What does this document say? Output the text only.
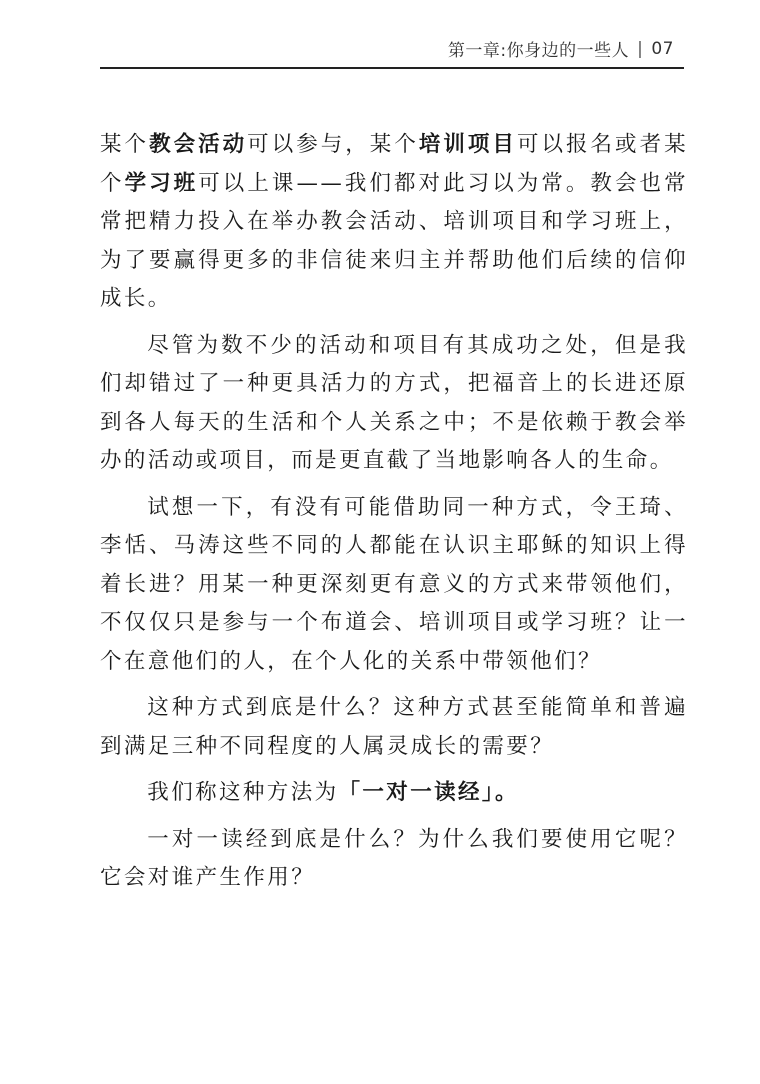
第一章:你身边的一些人 | 07

某个教会活动可以参与，某个培训项目可以报名或者某个学习班可以上课——我们都对此习以为常。教会也常常把精力投入在举办教会活动、培训项目和学习班上，为了要赢得更多的非信徒来归主并帮助他们后续的信仰成长。

尽管为数不少的活动和项目有其成功之处，但是我们却错过了一种更具活力的方式，把福音上的长进还原到各人每天的生活和个人关系之中；不是依赖于教会举办的活动或项目，而是更直截了当地影响各人的生命。

试想一下，有没有可能借助同一种方式，令王琦、李恬、马涛这些不同的人都能在认识主耶稣的知识上得着长进？用某一种更深刻更有意义的方式来带领他们，不仅仅只是参与一个布道会、培训项目或学习班？让一个在意他们的人，在个人化的关系中带领他们？

这种方式到底是什么？这种方式甚至能简单和普遍到满足三种不同程度的人属灵成长的需要？

我们称这种方法为「一对一读经」。

一对一读经到底是什么？为什么我们要使用它呢？它会对谁产生作用？
